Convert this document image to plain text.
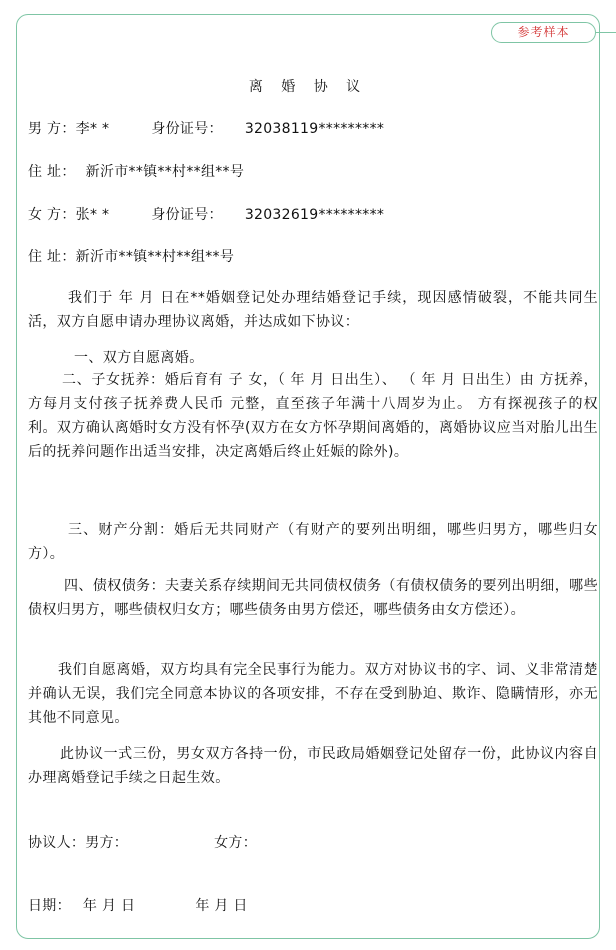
参考样本
离 婚 协 议
男 方：李* *	身份证号： 32038119*********
住 址： 新沂市**镇**村**组**号
女 方：张* *	身份证号： 32032619*********
住 址：新沂市**镇**村**组**号
我们于 年 月 日在**婚姻登记处办理结婚登记手续，现因感情破裂，不能共同生活，双方自愿申请办理协议离婚，并达成如下协议：
一、双方自愿离婚。
二、子女抚养：婚后育有 子 女，（ 年 月 日出生）、 （ 年 月 日出生）由 方抚养， 方每月支付孩子抚养费人民币 元整，直至孩子年满十八周岁为止。 方有探视孩子的权利。双方确认离婚时女方没有怀孕(双方在女方怀孕期间离婚的，离婚协议应当对胎儿出生后的抚养问题作出适当安排，决定离婚后终止妊娠的除外)。
三、财产分割：婚后无共同财产（有财产的要列出明细，哪些归男方，哪些归女方）。
四、债权债务：夫妻关系存续期间无共同债权债务（有债权债务的要列出明细，哪些债权归男方，哪些债权归女方；哪些债务由男方偿还，哪些债务由女方偿还）。
我们自愿离婚，双方均具有完全民事行为能力。双方对协议书的字、词、义非常清楚并确认无误，我们完全同意本协议的各项安排，不存在受到胁迫、欺诈、隐瞒情形，亦无其他不同意见。
此协议一式三份，男女双方各持一份，市民政局婚姻登记处留存一份，此协议内容自办理离婚登记手续之日起生效。
协议人：男方：	女方：
日期： 年 月 日	年 月 日
